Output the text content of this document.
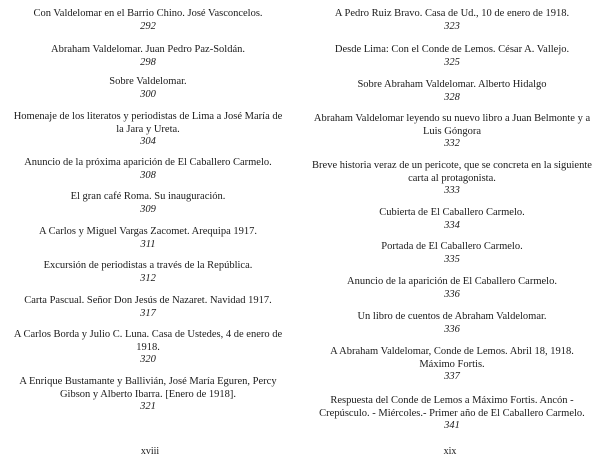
Con Valdelomar en el Barrio Chino. José Vasconcelos.
292
Abraham Valdelomar. Juan Pedro Paz-Soldán.
298
Sobre Valdelomar.
300
Homenaje de los literatos y periodistas de Lima a José María de la Jara y Ureta.
304
Anuncio de la próxima aparición de El Caballero Carmelo.
308
El gran café Roma. Su inauguración.
309
A Carlos y Miguel Vargas Zacomet. Arequipa 1917.
311
Excursión de periodistas a través de la República.
312
Carta Pascual. Señor Don Jesús de Nazaret. Navidad 1917.
317
A Carlos Borda y Julio C. Luna. Casa de Ustedes, 4 de enero de 1918.
320
A Enrique Bustamante y Ballivián, José María Eguren, Percy Gibson y Alberto Ibarra. [Enero de 1918].
321
xviii
A Pedro Ruiz Bravo. Casa de Ud., 10 de enero de 1918.
323
Desde Lima: Con el Conde de Lemos. César A. Vallejo.
325
Sobre Abraham Valdelomar. Alberto Hidalgo
328
Abraham Valdelomar leyendo su nuevo libro a Juan Belmonte y a Luis Góngora
332
Breve historia veraz de un pericote, que se concreta en la siguiente carta al protagonista.
333
Cubierta de El Caballero Carmelo.
334
Portada de El Caballero Carmelo.
335
Anuncio de la aparición de El Caballero Carmelo.
336
Un libro de cuentos de Abraham Valdelomar.
336
A Abraham Valdelomar, Conde de Lemos. Abril 18, 1918. Máximo Fortis.
337
Respuesta del Conde de Lemos a Máximo Fortis. Ancón - Crepúsculo. - Miércoles.- Primer año de El Caballero Carmelo.
341
xix
